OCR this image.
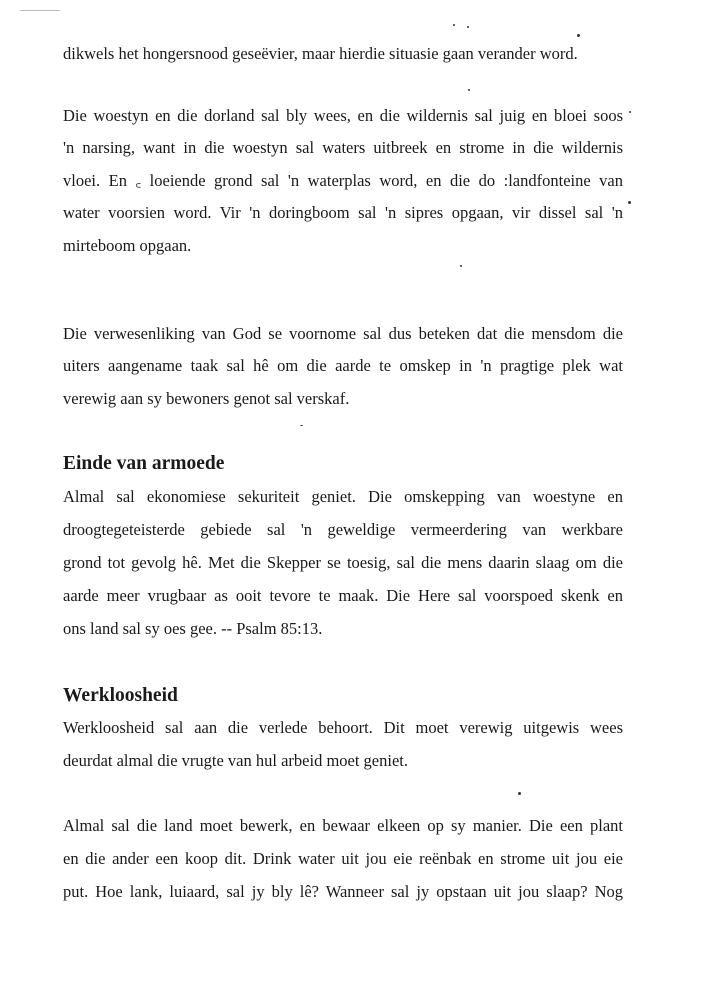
dikwels het hongersnood geseëvier, maar hierdie situasie gaan verander word.
Die woestyn en die dorland sal bly wees, en die wildernis sal juig en bloei soos
'n narsing, want in die woestyn sal waters uitbreek en strome in die wildernis
vloei. En ꜀ loeiende grond sal 'n waterplas word, en die do :landfonteine van
water voorsien word. Vir 'n doringboom sal 'n sipres opgaan, vir dissel sal 'n
mirteboom opgaan.
Die verwesenliking van God se voornome sal dus beteken dat die mensdom die
uiters aangename taak sal hê om die aarde te omskep in 'n pragtige plek wat
verewig aan sy bewoners genot sal verskaf.
Einde van armoede
Almal sal ekonomiese sekuriteit geniet. Die omskepping van woestyne en
droogtegeteisterde gebiede sal 'n geweldige vermeerdering van werkbare
grond tot gevolg hê. Met die Skepper se toesig, sal die mens daarin slaag om die
aarde meer vrugbaar as ooit tevore te maak. Die Here sal voorspoed skenk en
ons land sal sy oes gee. -- Psalm 85:13.
Werkloosheid
Werkloosheid sal aan die verlede behoort. Dit moet verewig uitgewis wees
deurdat almal die vrugte van hul arbeid moet geniet.
Almal sal die land moet bewerk, en bewaar elkeen op sy manier. Die een plant
en die ander een koop dit. Drink water uit jou eie reënbak en strome uit jou eie
put. Hoe lank, luiaard, sal jy bly lê? Wanneer sal jy opstaan uit jou slaap? Nog
